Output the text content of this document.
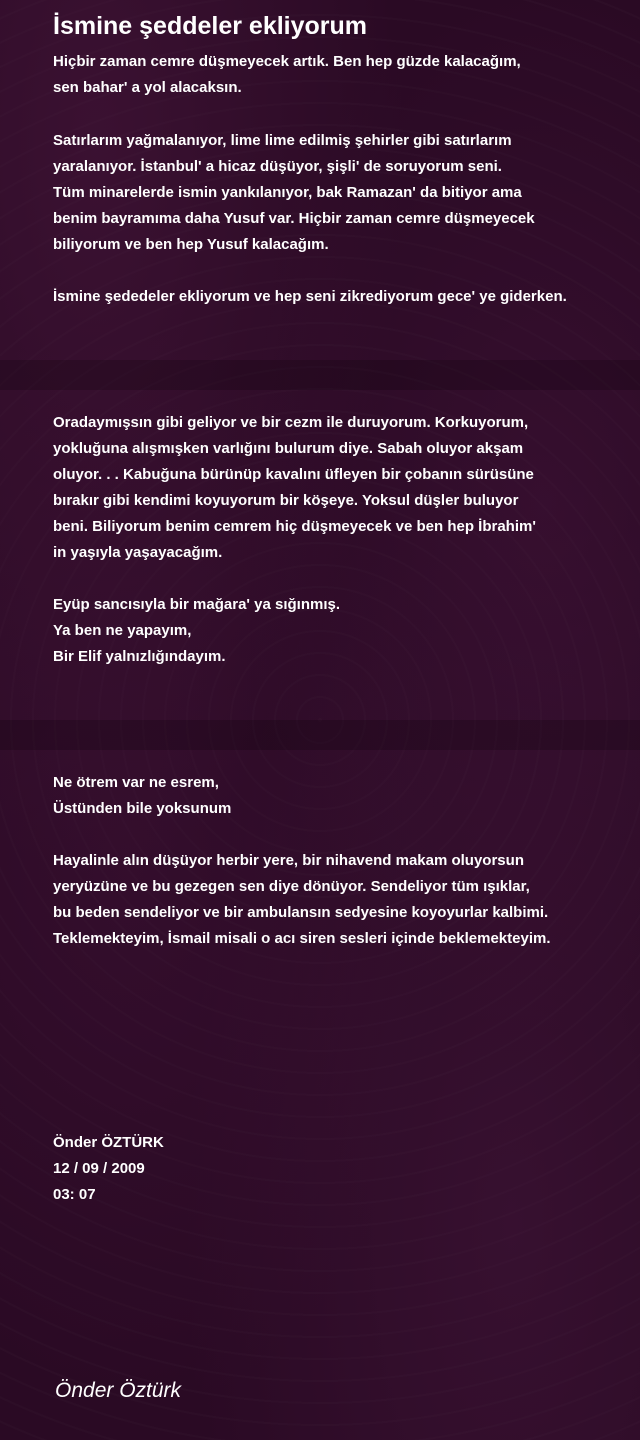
İsmine şeddeler ekliyorum

Hiçbir zaman cemre düşmeyecek artık. Ben hep güzde kalacağım,

sen bahar' a yol alacaksın.

Satırlarım yağmalanıyor, lime lime edilmiş şehirler gibi satırlarım

yaralanıyor. İstanbul' a hicaz düşüyor, şişli' de soruyorum seni.

Tüm minarelerde ismin yankılanıyor, bak Ramazan' da bitiyor ama

benim bayramıma daha Yusuf var. Hiçbir zaman cemre düşmeyecek

biliyorum ve ben hep Yusuf kalacağım.

İsmine şededeler ekliyorum ve hep seni zikrediyorum gece' ye giderken.

Oradaymışsın gibi geliyor ve bir cezm ile duruyorum. Korkuyorum,

yokluğuna alışmışken varlığını bulurum diye. Sabah oluyor akşam

oluyor. . . Kabuğuna bürünüp kavalını üfleyen bir çobanın sürüsüne

bırakır gibi kendimi koyuyorum bir köşeye. Yoksul düşler buluyor

beni. Biliyorum benim cemrem hiç düşmeyecek ve ben hep İbrahim'

in yaşıyla yaşayacağım.

Eyüp sancısıyla bir mağara' ya sığınmış.

Ya ben ne yapayım,

Bir Elif yalnızlığındayım.

Ne ötrem var ne esrem,

Üstünden bile yoksunum

Hayalinle alın düşüyor herbir yere, bir nihavend makam oluyorsun

yeryüzüne ve bu gezegen sen diye dönüyor. Sendeliyor tüm ışıklar,

bu beden sendeliyor ve bir ambulansın sedyesine koyoyurlar kalbimi.

Teklemekteyim, İsmail misali o acı siren sesleri içinde beklemekteyim.

Önder ÖZTÜRK

12 / 09 / 2009

03: 07

Önder Öztürk
